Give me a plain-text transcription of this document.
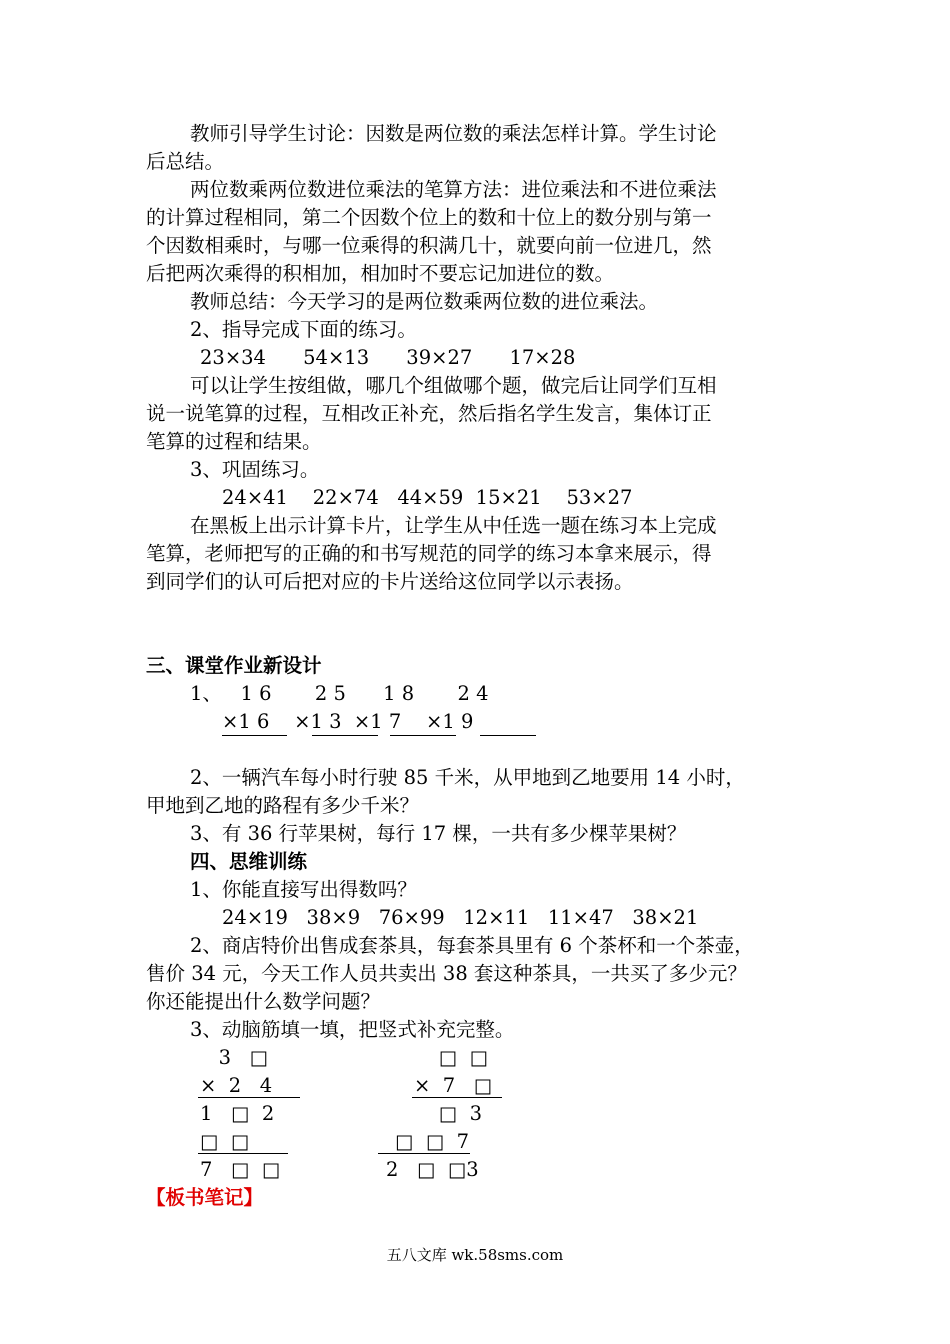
教师引导学生讨论：因数是两位数的乘法怎样计算。学生讨论
后总结。
两位数乘两位数进位乘法的笔算方法：进位乘法和不进位乘法
的计算过程相同，第二个因数个位上的数和十位上的数分别与第一
个因数相乘时，与哪一位乘得的积满几十，就要向前一位进几，然
后把两次乘得的积相加，相加时不要忘记加进位的数。
教师总结：今天学习的是两位数乘两位数的进位乘法。
2、指导完成下面的练习。
23×34      54×13      39×27      17×28
可以让学生按组做，哪几个组做哪个题，做完后让同学们互相
说一说笔算的过程，互相改正补充，然后指名学生发言，集体订正
笔算的过程和结果。
3、巩固练习。
24×41    22×74   44×59  15×21    53×27
在黑板上出示计算卡片，让学生从中任选一题在练习本上完成
笔算，老师把写的正确的和书写规范的同学的练习本拿来展示，得
到同学们的认可后把对应的卡片送给这位同学以示表扬。
三、课堂作业新设计
1、   1 6       2 5      1 8       2 4
×1 6    ×1 3  ×1 7    ×1 9
2、一辆汽车每小时行驶 85 千米，从甲地到乙地要用 14 小时，
甲地到乙地的路程有多少千米？
3、有 36 行苹果树，每行 17 棵，一共有多少棵苹果树？
四、思维训练
1、你能直接写出得数吗？
24×19   38×9   76×99   12×11   11×47   38×21
2、商店特价出售成套茶具，每套茶具里有 6 个茶杯和一个茶壶，
售价 34 元，今天工作人员共卖出 38 套这种茶具，一共买了多少元？
你还能提出什么数学问题？
3、动脑筋填一填，把竖式补充完整。
3   □
×  2   4
1   □  2
□  □
7   □  □
□  □
×  7   □
□  3
□  □  7
2   □  □3
【板书笔记】
五八文库 wk.58sms.com
